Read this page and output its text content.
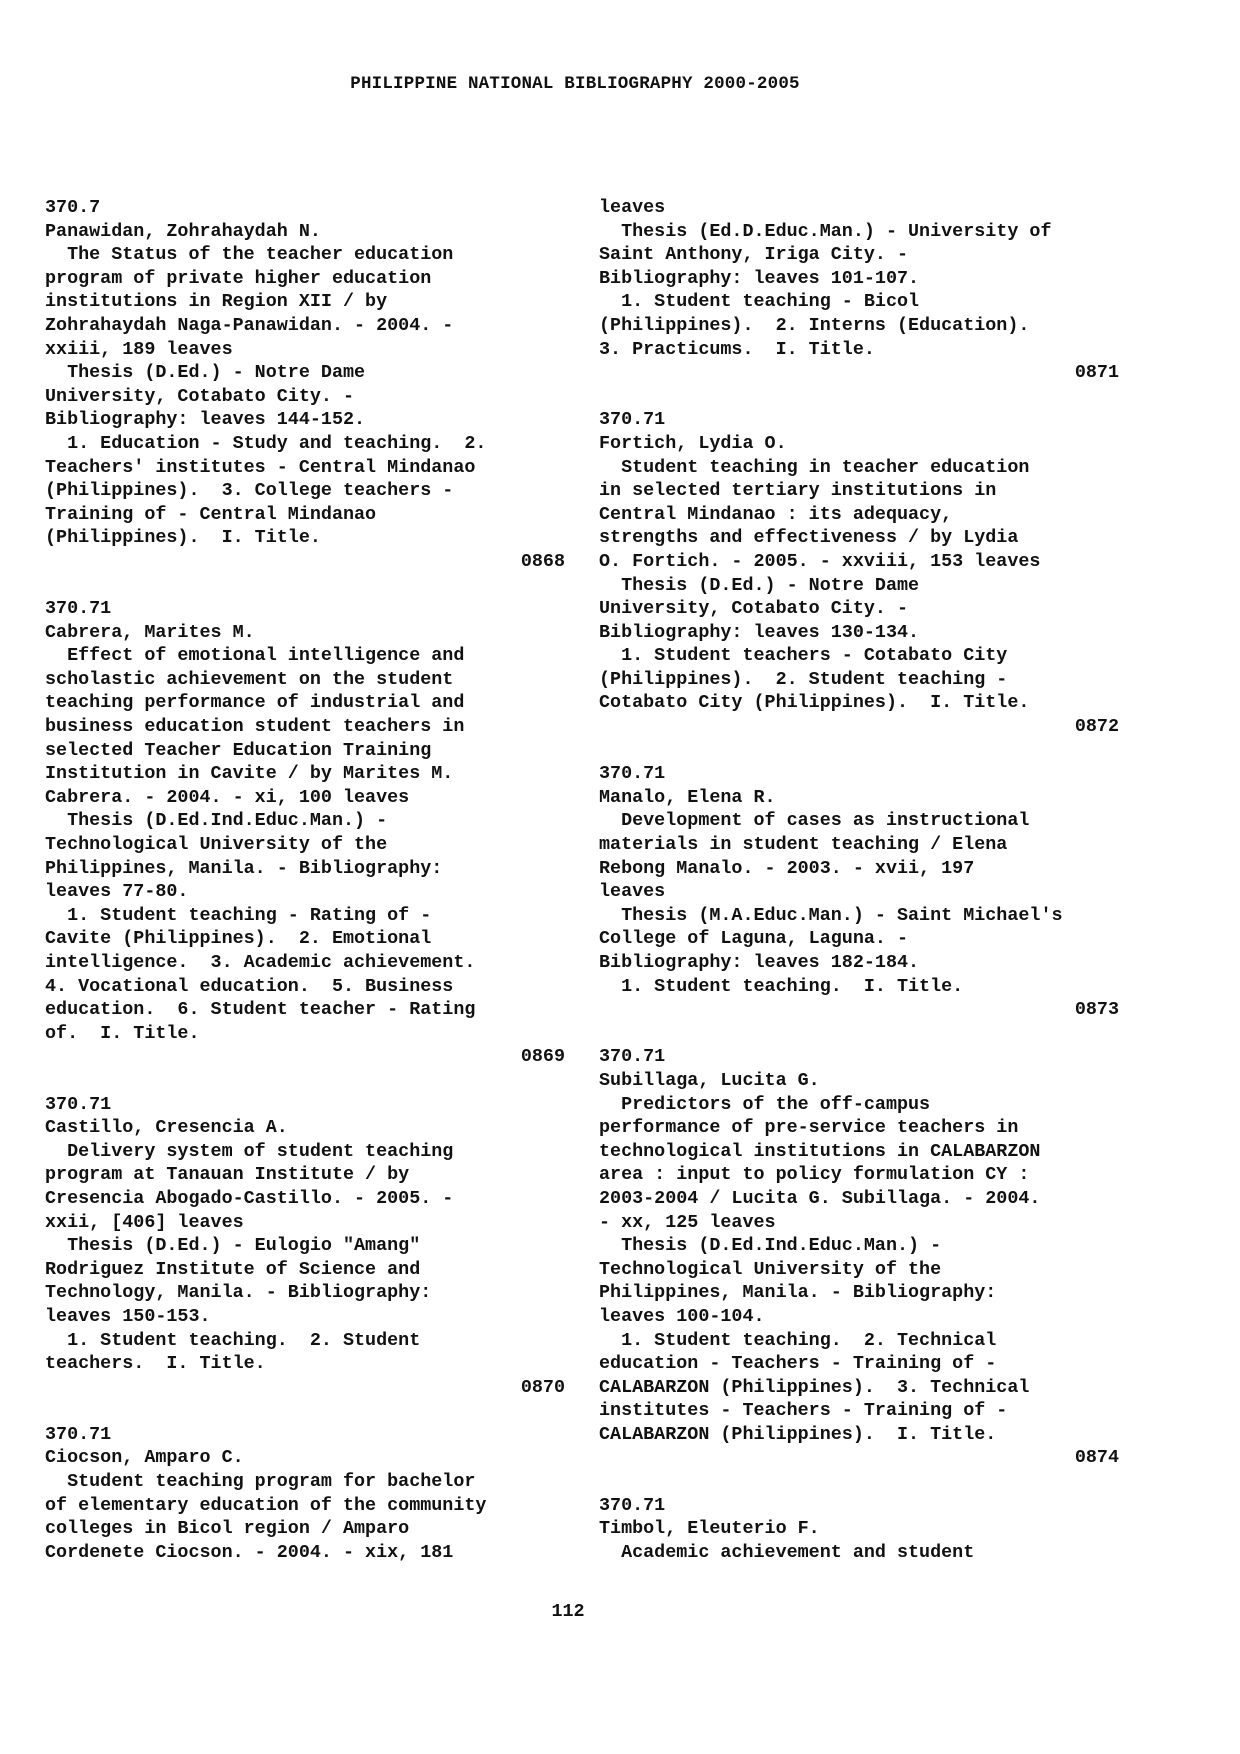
PHILIPPINE NATIONAL BIBLIOGRAPHY 2000-2005
370.7
Panawidan, Zohrahaydah N.
The Status of the teacher education
program of private higher education
institutions in Region XII / by
Zohrahaydah Naga-Panawidan. - 2004. -
xxiii, 189 leaves
Thesis (D.Ed.) - Notre Dame
University, Cotabato City. -
Bibliography: leaves 144-152.
1. Education - Study and teaching.  2.
Teachers' institutes - Central Mindanao
(Philippines).  3. College teachers -
Training of - Central Mindanao
(Philippines).  I. Title.
0868
370.71
Cabrera, Marites M.
Effect of emotional intelligence and
scholastic achievement on the student
teaching performance of industrial and
business education student teachers in
selected Teacher Education Training
Institution in Cavite / by Marites M.
Cabrera. - 2004. - xi, 100 leaves
Thesis (D.Ed.Ind.Educ.Man.) -
Technological University of the
Philippines, Manila. - Bibliography:
leaves 77-80.
1. Student teaching - Rating of -
Cavite (Philippines).  2. Emotional
intelligence.  3. Academic achievement.
4. Vocational education.  5. Business
education.  6. Student teacher - Rating
of.  I. Title.
0869
370.71
Castillo, Cresencia A.
Delivery system of student teaching
program at Tanauan Institute / by
Cresencia Abogado-Castillo. - 2005. -
xxii, [406] leaves
Thesis (D.Ed.) - Eulogio "Amang"
Rodriguez Institute of Science and
Technology, Manila. - Bibliography:
leaves 150-153.
1. Student teaching.  2. Student
teachers.  I. Title.
0870
370.71
Ciocson, Amparo C.
Student teaching program for bachelor
of elementary education of the community
colleges in Bicol region / Amparo
Cordenete Ciocson. - 2004. - xix, 181
leaves
Thesis (Ed.D.Educ.Man.) - University of
Saint Anthony, Iriga City. -
Bibliography: leaves 101-107.
1. Student teaching - Bicol
(Philippines).  2. Interns (Education).
3. Practicums.  I. Title.
0871
370.71
Fortich, Lydia O.
Student teaching in teacher education
in selected tertiary institutions in
Central Mindanao : its adequacy,
strengths and effectiveness / by Lydia
O. Fortich. - 2005. - xxviii, 153 leaves
Thesis (D.Ed.) - Notre Dame
University, Cotabato City. -
Bibliography: leaves 130-134.
1. Student teachers - Cotabato City
(Philippines).  2. Student teaching -
Cotabato City (Philippines).  I. Title.
0872
370.71
Manalo, Elena R.
Development of cases as instructional
materials in student teaching / Elena
Rebong Manalo. - 2003. - xvii, 197
leaves
Thesis (M.A.Educ.Man.) - Saint Michael's
College of Laguna, Laguna. -
Bibliography: leaves 182-184.
1. Student teaching.  I. Title.
0873
370.71
Subillaga, Lucita G.
Predictors of the off-campus
performance of pre-service teachers in
technological institutions in CALABARZON
area : input to policy formulation CY :
2003-2004 / Lucita G. Subillaga. - 2004.
- xx, 125 leaves
Thesis (D.Ed.Ind.Educ.Man.) -
Technological University of the
Philippines, Manila. - Bibliography:
leaves 100-104.
1. Student teaching.  2. Technical
education - Teachers - Training of -
CALABARZON (Philippines).  3. Technical
institutes - Teachers - Training of -
CALABARZON (Philippines).  I. Title.
0874
370.71
Timbol, Eleuterio F.
Academic achievement and student
112
